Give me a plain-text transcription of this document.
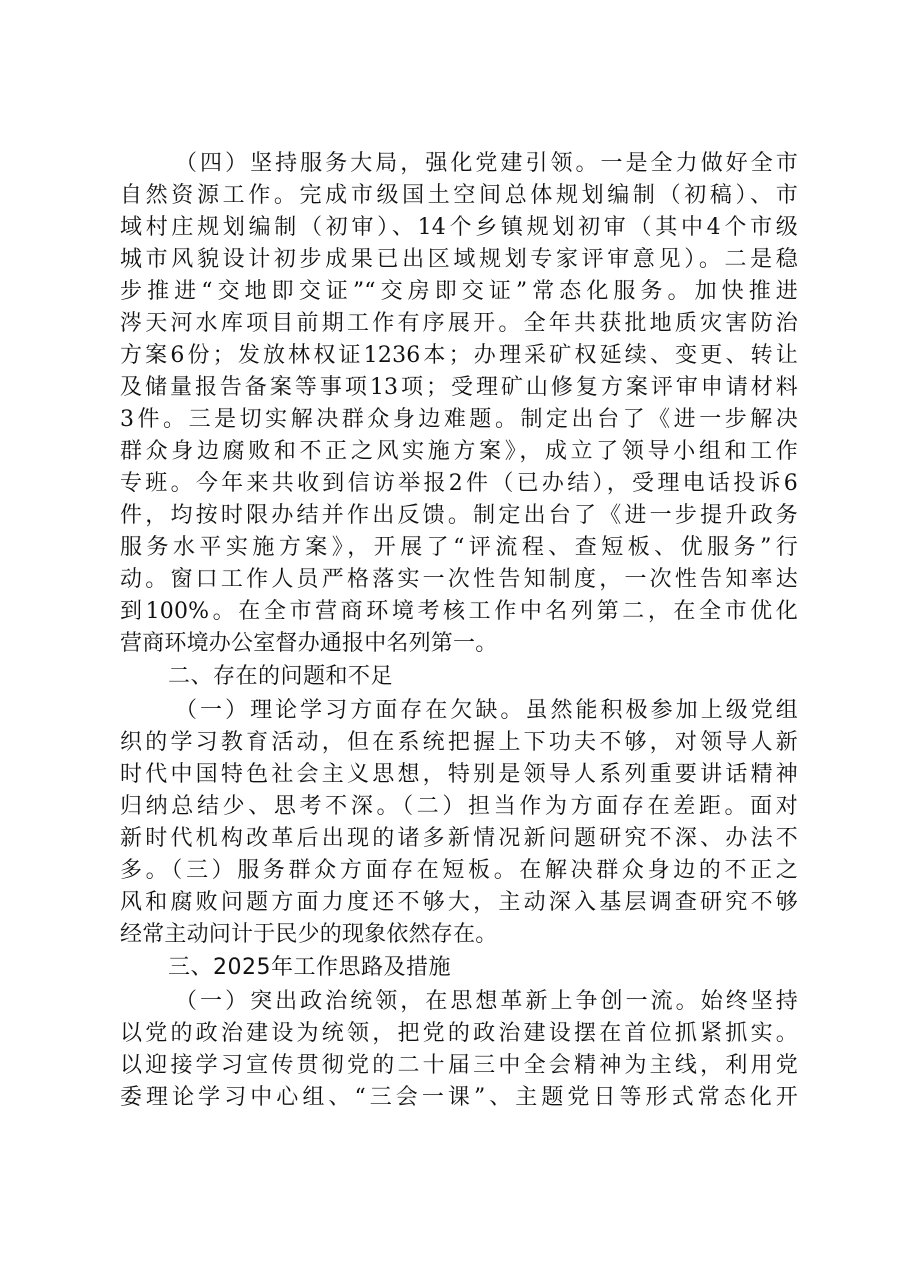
（四）坚持服务大局，强化党建引领。一是全力做好全市
自然资源工作。完成市级国土空间总体规划编制（初稿）、市
域村庄规划编制（初审）、14个乡镇规划初审（其中4个市级
城市风貌设计初步成果已出区域规划专家评审意见）。二是稳
步推进“交地即交证”“交房即交证”常态化服务。加快推进
涔天河水库项目前期工作有序展开。全年共获批地质灾害防治
方案6份；发放林权证1236本；办理采矿权延续、变更、转让
及储量报告备案等事项13项；受理矿山修复方案评审申请材料
3件。三是切实解决群众身边难题。制定出台了《进一步解决
群众身边腐败和不正之风实施方案》，成立了领导小组和工作
专班。今年来共收到信访举报2件（已办结），受理电话投诉6
件，均按时限办结并作出反馈。制定出台了《进一步提升政务
服务水平实施方案》，开展了“评流程、查短板、优服务”行
动。窗口工作人员严格落实一次性告知制度，一次性告知率达
到100%。在全市营商环境考核工作中名列第二，在全市优化
营商环境办公室督办通报中名列第一。
二、存在的问题和不足
（一）理论学习方面存在欠缺。虽然能积极参加上级党组
织的学习教育活动，但在系统把握上下功夫不够，对领导人新
时代中国特色社会主义思想，特别是领导人系列重要讲话精神
归纳总结少、思考不深。（二）担当作为方面存在差距。面对
新时代机构改革后出现的诸多新情况新问题研究不深、办法不
多。（三）服务群众方面存在短板。在解决群众身边的不正之
风和腐败问题方面力度还不够大，主动深入基层调查研究不够
经常主动问计于民少的现象依然存在。
三、2025年工作思路及措施
（一）突出政治统领，在思想革新上争创一流。始终坚持
以党的政治建设为统领，把党的政治建设摆在首位抓紧抓实。
以迎接学习宣传贯彻党的二十届三中全会精神为主线，利用党
委理论学习中心组、“三会一课”、主题党日等形式常态化开
